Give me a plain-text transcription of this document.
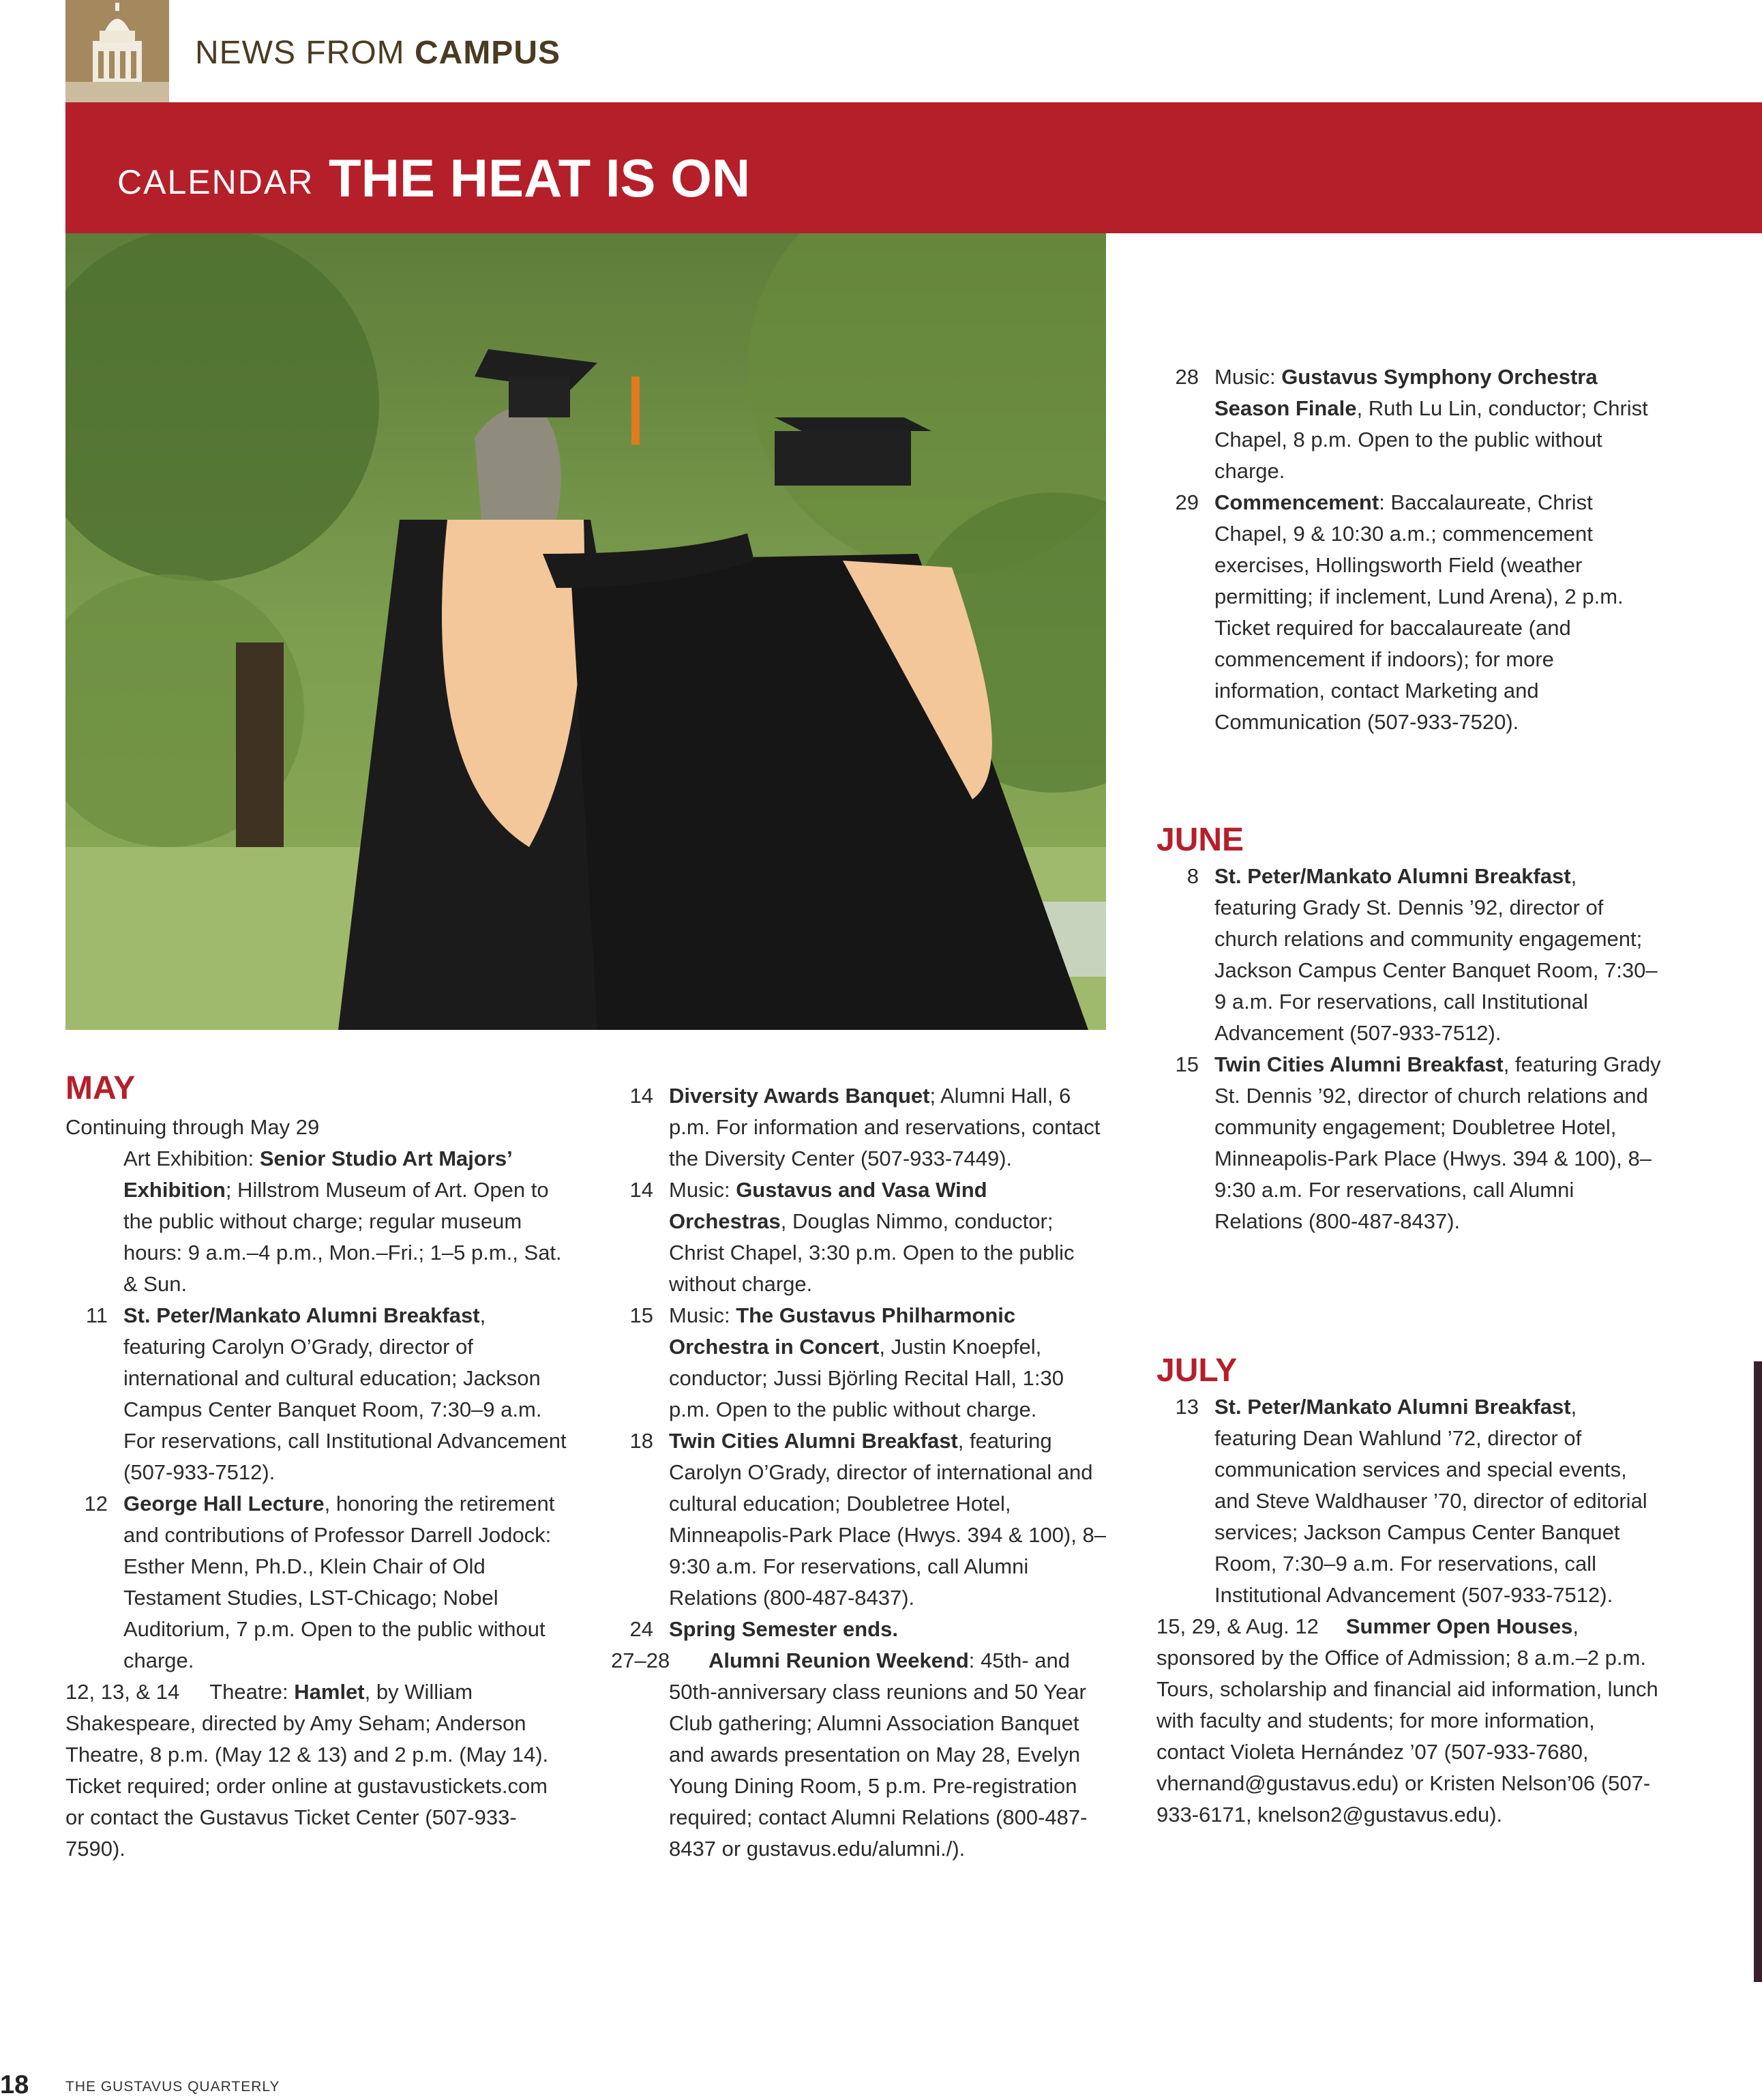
NEWS FROM CAMPUS
CALENDAR THE HEAT IS ON
MAY
Continuing through May 29
Art Exhibition: Senior Studio Art Majors’ Exhibition; Hillstrom Museum of Art. Open to the public without charge; regular museum hours: 9 a.m.–4 p.m., Mon.–Fri.; 1–5 p.m., Sat. & Sun.
11 St. Peter/Mankato Alumni Breakfast, featuring Carolyn O’Grady, director of international and cultural education; Jackson Campus Center Banquet Room, 7:30–9 a.m. For reservations, call Institutional Advancement (507-933-7512).
12 George Hall Lecture, honoring the retirement and contributions of Professor Darrell Jodock: Esther Menn, Ph.D., Klein Chair of Old Testament Studies, LST-Chicago; Nobel Auditorium, 7 p.m. Open to the public without charge.
12, 13, & 14 Theatre: Hamlet, by William Shakespeare, directed by Amy Seham; Anderson Theatre, 8 p.m. (May 12 & 13) and 2 p.m. (May 14). Ticket required; order online at gustavustickets.com or contact the Gustavus Ticket Center (507-933-7590).
14 Diversity Awards Banquet; Alumni Hall, 6 p.m. For information and reservations, contact the Diversity Center (507-933-7449).
14 Music: Gustavus and Vasa Wind Orchestras, Douglas Nimmo, conductor; Christ Chapel, 3:30 p.m. Open to the public without charge.
15 Music: The Gustavus Philharmonic Orchestra in Concert, Justin Knoepfel, conductor; Jussi Björling Recital Hall, 1:30 p.m. Open to the public without charge.
18 Twin Cities Alumni Breakfast, featuring Carolyn O’Grady, director of international and cultural education; Doubletree Hotel, Minneapolis-Park Place (Hwys. 394 & 100), 8–9:30 a.m. For reservations, call Alumni Relations (800-487-8437).
24 Spring Semester ends.
27–28 Alumni Reunion Weekend: 45th- and 50th-anniversary class reunions and 50 Year Club gathering; Alumni Association Banquet and awards presentation on May 28, Evelyn Young Dining Room, 5 p.m. Pre-registration required; contact Alumni Relations (800-487-8437 or gustavus.edu/alumni./).
28 Music: Gustavus Symphony Orchestra Season Finale, Ruth Lu Lin, conductor; Christ Chapel, 8 p.m. Open to the public without charge.
29 Commencement: Baccalaureate, Christ Chapel, 9 & 10:30 a.m.; commencement exercises, Hollingsworth Field (weather permitting; if inclement, Lund Arena), 2 p.m. Ticket required for baccalaureate (and commencement if indoors); for more information, contact Marketing and Communication (507-933-7520).
JUNE
8 St. Peter/Mankato Alumni Breakfast, featuring Grady St. Dennis ’92, director of church relations and community engagement; Jackson Campus Center Banquet Room, 7:30–9 a.m. For reservations, call Institutional Advancement (507-933-7512).
15 Twin Cities Alumni Breakfast, featuring Grady St. Dennis ’92, director of church relations and community engagement; Doubletree Hotel, Minneapolis-Park Place (Hwys. 394 & 100), 8–9:30 a.m. For reservations, call Alumni Relations (800-487-8437).
JULY
13 St. Peter/Mankato Alumni Breakfast, featuring Dean Wahlund ’72, director of communication services and special events, and Steve Waldhauser ’70, director of editorial services; Jackson Campus Center Banquet Room, 7:30–9 a.m. For reservations, call Institutional Advancement (507-933-7512).
15, 29, & Aug. 12 Summer Open Houses, sponsored by the Office of Admission; 8 a.m.–2 p.m. Tours, scholarship and financial aid information, lunch with faculty and students; for more information, contact Violeta Hernández ’07 (507-933-7680, vhernand@gustavus.edu) or Kristen Nelson’06 (507-933-6171, knelson2@gustavus.edu).
18	THE GUSTAVUS QUARTERLY
